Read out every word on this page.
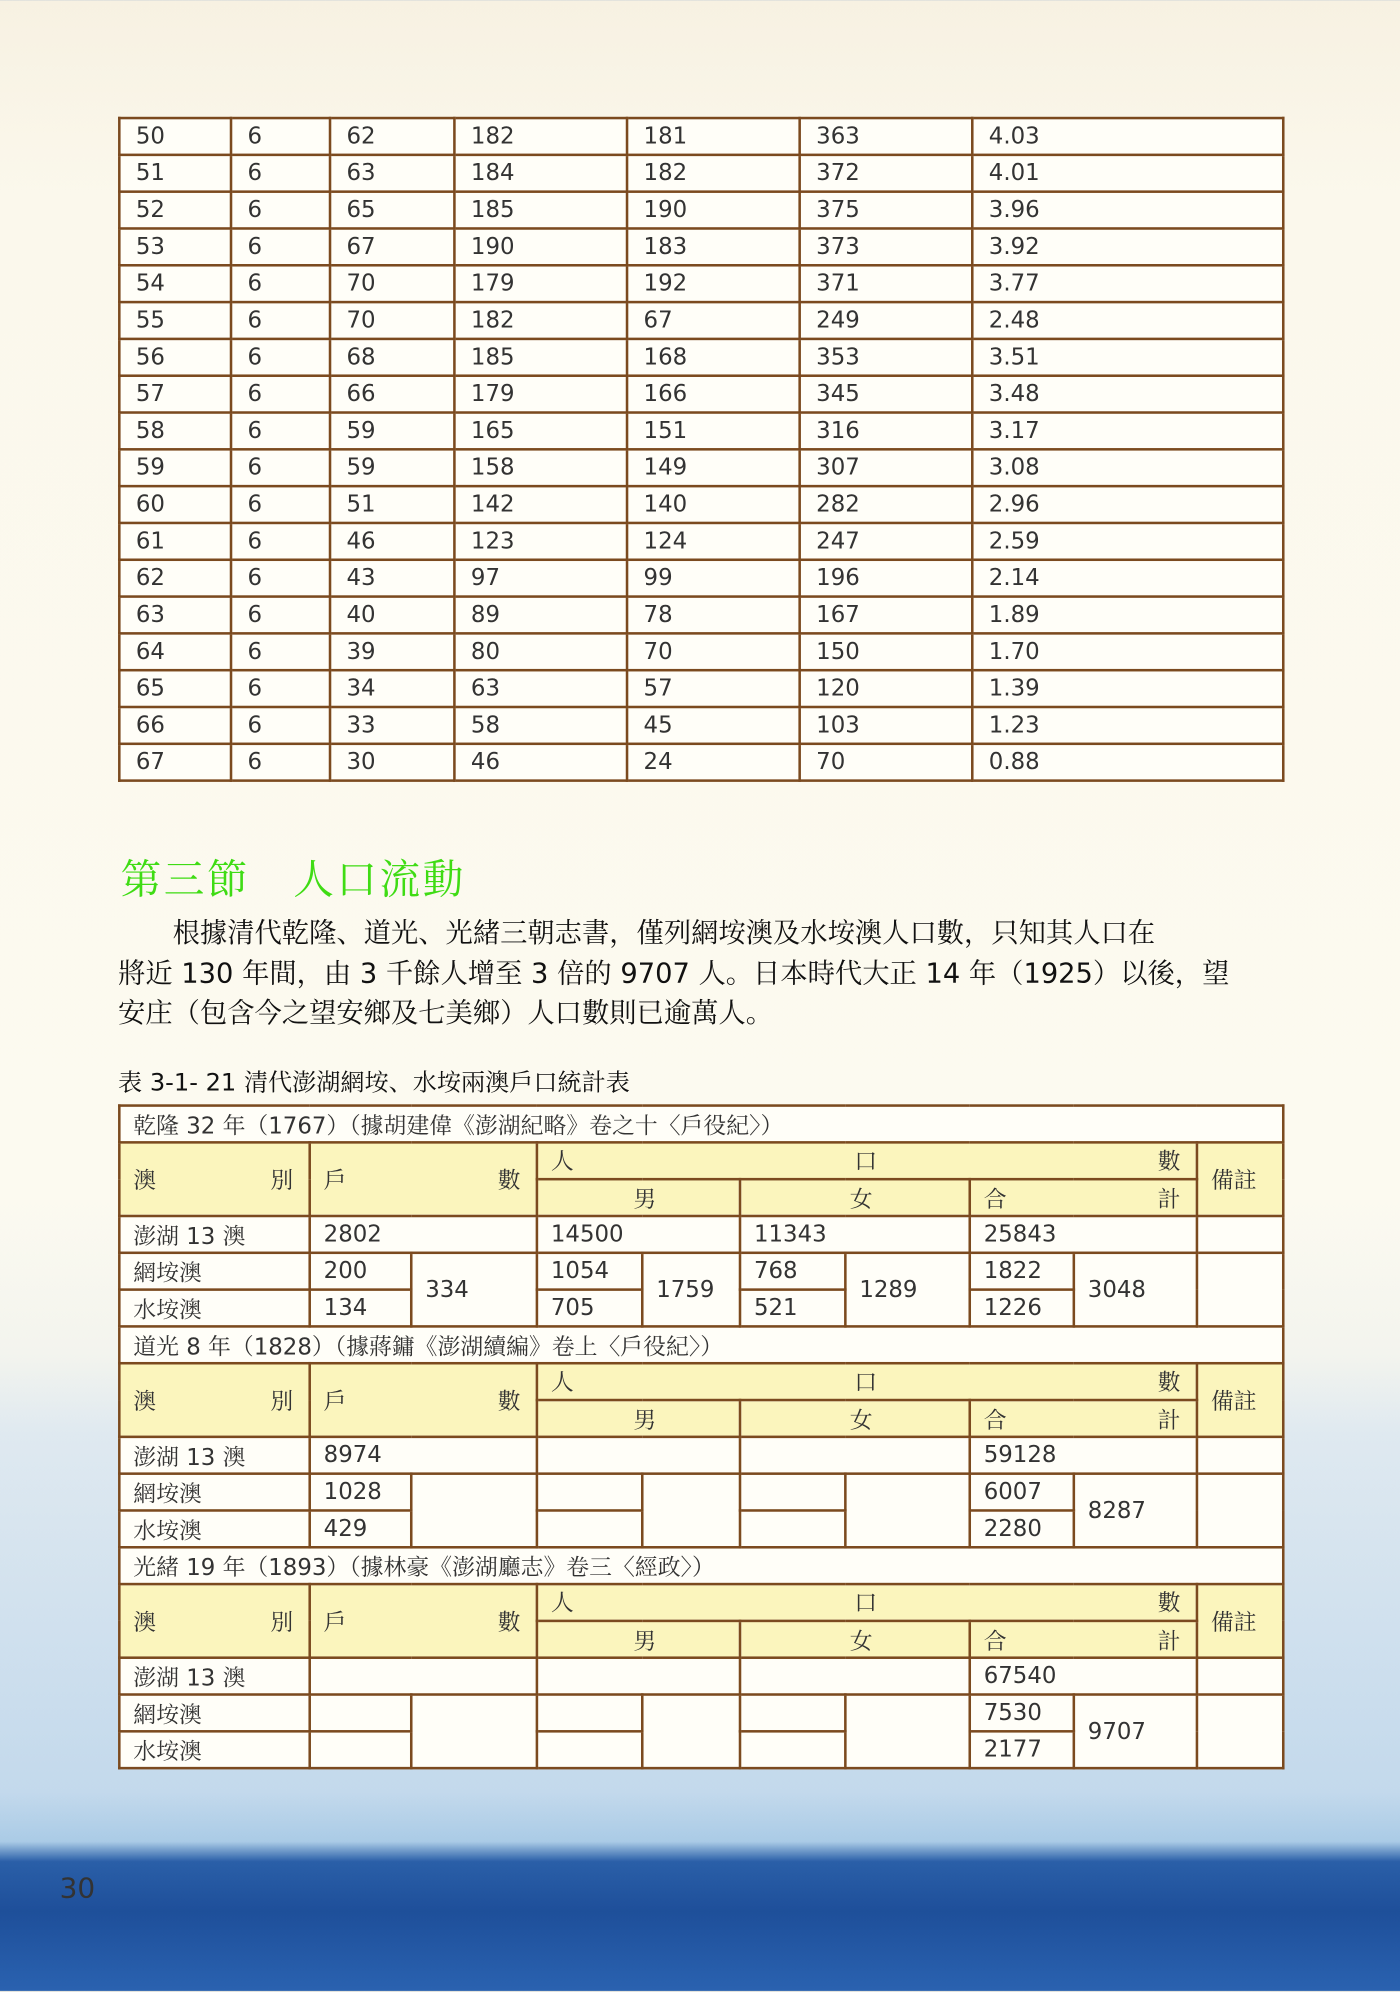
50	6	62	182	181	363	4.03
51	6	63	184	182	372	4.01
52	6	65	185	190	375	3.96
53	6	67	190	183	373	3.92
54	6	70	179	192	371	3.77
55	6	70	182	67	249	2.48
56	6	68	185	168	353	3.51
57	6	66	179	166	345	3.48
58	6	59	165	151	316	3.17
59	6	59	158	149	307	3.08
60	6	51	142	140	282	2.96
61	6	46	123	124	247	2.59
62	6	43	97	99	196	2.14
63	6	40	89	78	167	1.89
64	6	39	80	70	150	1.70
65	6	34	63	57	120	1.39
66	6	33	58	45	103	1.23
67	6	30	46	24	70	0.88
第三節　人口流動
　　根據清代乾隆、道光、光緒三朝志書，僅列網垵澳及水垵澳人口數，只知其人口在
將近 130 年間，由 3 千餘人增至 3 倍的 9707 人。日本時代大正 14 年（1925）以後，望
安庄（包含今之望安鄉及七美鄉）人口數則已逾萬人。
表 3-1- 21 清代澎湖網垵、水垵兩澳戶口統計表
乾隆 32 年（1767）（據胡建偉《澎湖紀略》卷之十〈戶役紀〉）									

澳 別	戶 數		人 口 數						備註
			男		女		合 計		

澎湖 13 澳	2802		14500		11343		25843		
網垵澳	200	334	1054	1759	768	1289	1822	3048	
水垵澳	134		705		521		1226		
道光 8 年（1828）（據蔣鏞《澎湖續編》卷上〈戶役紀〉）									

澳 別	戶 數		人 口 數						備註
			男		女		合 計		

澎湖 13 澳	8974						59128		
網垵澳	1028						6007	8287	
水垵澳	429						2280		
光緒 19 年（1893）（據林豪《澎湖廳志》卷三〈經政〉）									

澳 別	戶 數		人 口 數						備註
			男		女		合 計		

澎湖 13 澳							67540		
網垵澳							7530	9707	
水垵澳							2177		
30
